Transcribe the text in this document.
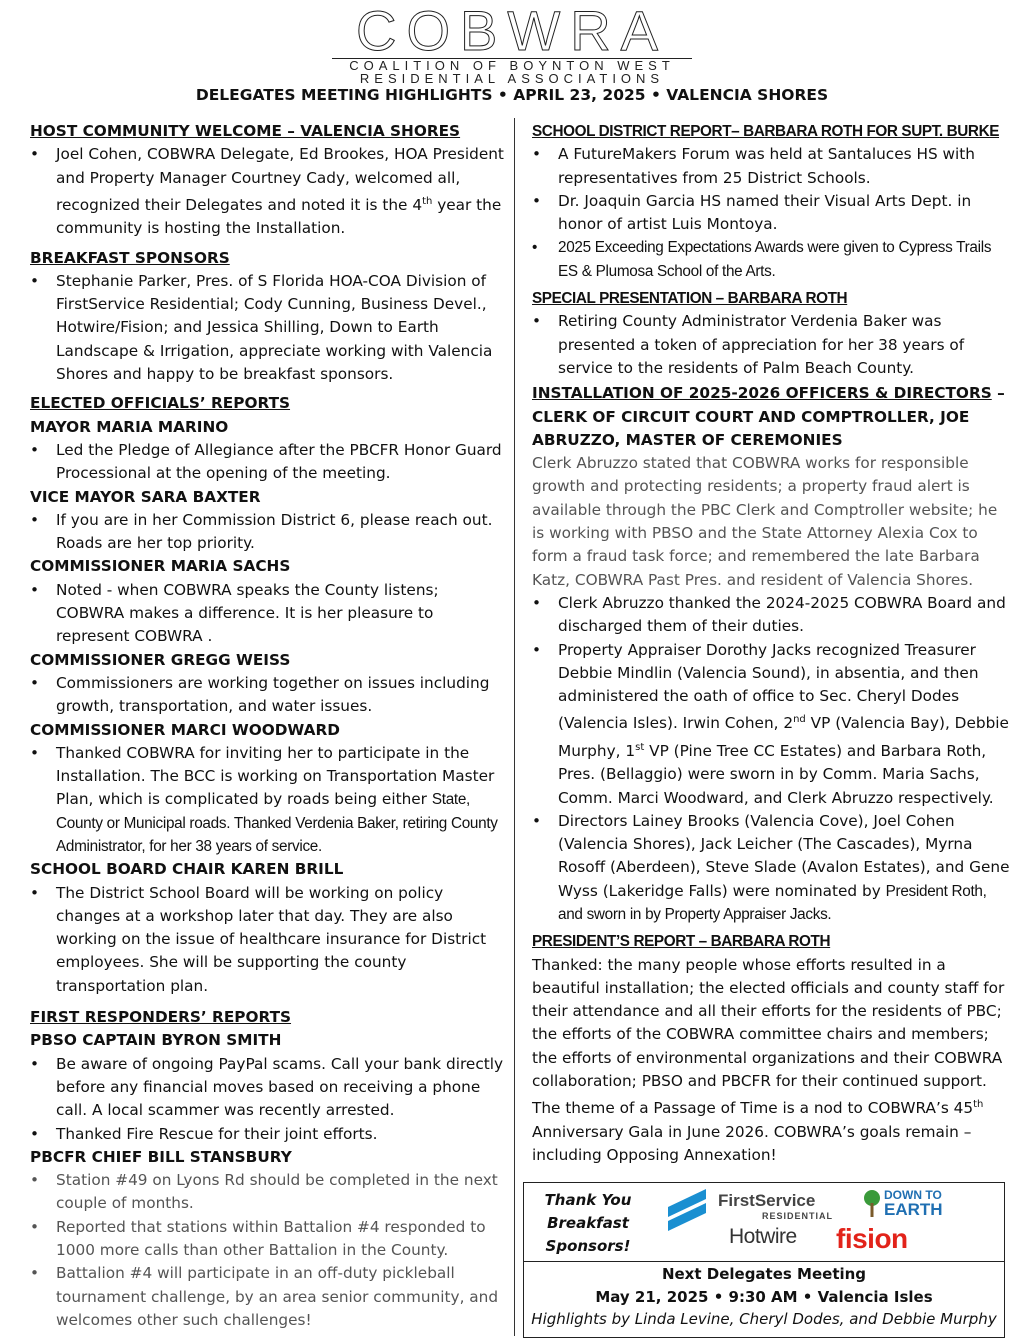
COBWRA
COALITION OF BOYNTON WEST
RESIDENTIAL ASSOCIATIONS
DELEGATES MEETING HIGHLIGHTS • APRIL 23, 2025 • VALENCIA SHORES
HOST COMMUNITY WELCOME – VALENCIA SHORES
• Joel Cohen, COBWRA Delegate, Ed Brookes, HOA President and Property Manager Courtney Cady, welcomed all, recognized their Delegates and noted it is the 4th year the community is hosting the Installation.
BREAKFAST SPONSORS
• Stephanie Parker, Pres. of S Florida HOA-COA Division of FirstService Residential; Cody Cunning, Business Devel., Hotwire/Fision; and Jessica Shilling, Down to Earth Landscape & Irrigation, appreciate working with Valencia Shores and happy to be breakfast sponsors.
ELECTED OFFICIALS’ REPORTS
MAYOR MARIA MARINO
• Led the Pledge of Allegiance after the PBCFR Honor Guard Processional at the opening of the meeting.
VICE MAYOR SARA BAXTER
• If you are in her Commission District 6, please reach out. Roads are her top priority.
COMMISSIONER MARIA SACHS
• Noted - when COBWRA speaks the County listens; COBWRA makes a difference. It is her pleasure to represent COBWRA .
COMMISSIONER GREGG WEISS
• Commissioners are working together on issues including growth, transportation, and water issues.
COMMISSIONER MARCI WOODWARD
• Thanked COBWRA for inviting her to participate in the Installation. The BCC is working on Transportation Master Plan, which is complicated by roads being either State, County or Municipal roads. Thanked Verdenia Baker, retiring County Administrator, for her 38 years of service.
SCHOOL BOARD CHAIR KAREN BRILL
• The District School Board will be working on policy changes at a workshop later that day. They are also working on the issue of healthcare insurance for District employees. She will be supporting the county transportation plan.
FIRST RESPONDERS’ REPORTS
PBSO CAPTAIN BYRON SMITH
• Be aware of ongoing PayPal scams. Call your bank directly before any financial moves based on receiving a phone call. A local scammer was recently arrested.
• Thanked Fire Rescue for their joint efforts.
PBCFR CHIEF BILL STANSBURY
• Station #49 on Lyons Rd should be completed in the next couple of months.
• Reported that stations within Battalion #4 responded to 1000 more calls than other Battalion in the County.
• Battalion #4 will participate in an off-duty pickleball tournament challenge, by an area senior community, and welcomes other such challenges!
SCHOOL DISTRICT REPORT– BARBARA ROTH FOR SUPT. BURKE
• A FutureMakers Forum was held at Santaluces HS with representatives from 25 District Schools.
• Dr. Joaquin Garcia HS named their Visual Arts Dept. in honor of artist Luis Montoya.
• 2025 Exceeding Expectations Awards were given to Cypress Trails ES & Plumosa School of the Arts.
SPECIAL PRESENTATION – BARBARA ROTH
• Retiring County Administrator Verdenia Baker was presented a token of appreciation for her 38 years of service to the residents of Palm Beach County.
INSTALLATION OF 2025-2026 OFFICERS & DIRECTORS – CLERK OF CIRCUIT COURT AND COMPTROLLER, JOE ABRUZZO, MASTER OF CEREMONIES

Clerk Abruzzo stated that COBWRA works for responsible growth and protecting residents; a property fraud alert is available through the PBC Clerk and Comptroller website; he is working with PBSO and the State Attorney Alexia Cox to form a fraud task force; and remembered the late Barbara Katz, COBWRA Past Pres. and resident of Valencia Shores.

• Clerk Abruzzo thanked the 2024-2025 COBWRA Board and discharged them of their duties.
• Property Appraiser Dorothy Jacks recognized Treasurer Debbie Mindlin (Valencia Sound), in absentia, and then administered the oath of office to Sec. Cheryl Dodes (Valencia Isles). Irwin Cohen, 2nd VP (Valencia Bay), Debbie Murphy, 1st VP (Pine Tree CC Estates) and Barbara Roth, Pres. (Bellaggio) were sworn in by Comm. Maria Sachs, Comm. Marci Woodward, and Clerk Abruzzo respectively.
• Directors Lainey Brooks (Valencia Cove), Joel Cohen (Valencia Shores), Jack Leicher (The Cascades), Myrna Rosoff (Aberdeen), Steve Slade (Avalon Estates), and Gene Wyss (Lakeridge Falls) were nominated by President Roth, and sworn in by Property Appraiser Jacks.
PRESIDENT’S REPORT – BARBARA ROTH

Thanked: the many people whose efforts resulted in a beautiful installation; the elected officials and county staff for their attendance and all their efforts for the residents of PBC; the efforts of the COBWRA committee chairs and members; the efforts of environmental organizations and their COBWRA collaboration; PBSO and PBCFR for their continued support. The theme of a Passage of Time is a nod to COBWRA’s 45th Anniversary Gala in June 2026. COBWRA’s goals remain – including Opposing Annexation!

Thank You
Breakfast
Sponsors!
FirstService
RESIDENTIAL
Hotwire fision
DOWN TO
EARTH
Next Delegates Meeting
May 21, 2025 • 9:30 AM • Valencia Isles
Highlights by Linda Levine, Cheryl Dodes, and Debbie Murphy
